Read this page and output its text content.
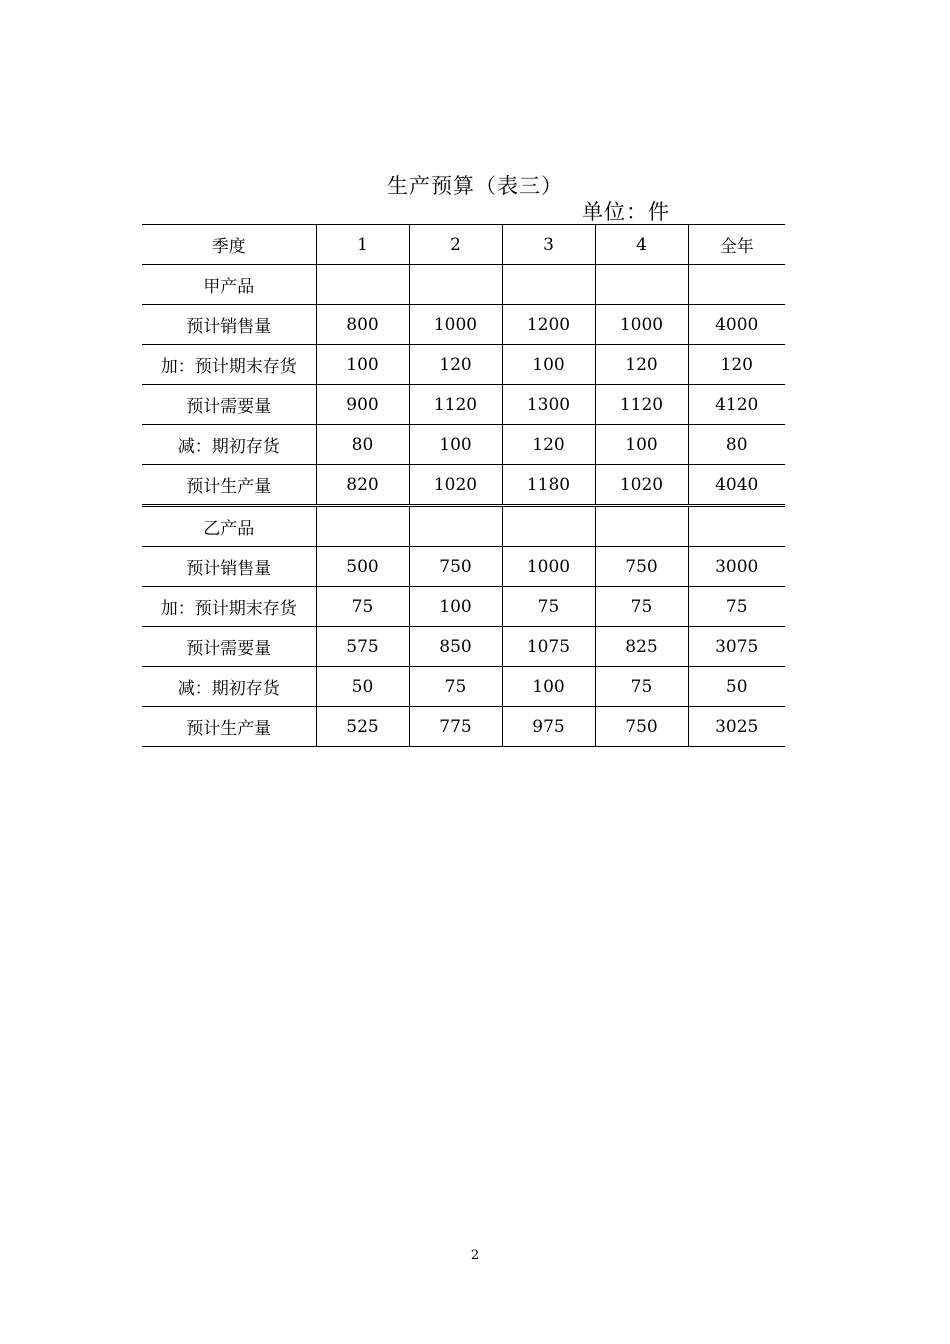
生产预算（表三）
单位：件
季度	1	2	3	4	全年
甲产品					
预计销售量	800	1000	1200	1000	4000
加：预计期末存货	100	120	100	120	120
预计需要量	900	1120	1300	1120	4120
减：期初存货	80	100	120	100	80
预计生产量	820	1020	1180	1020	4040
乙产品					
预计销售量	500	750	1000	750	3000
加：预计期末存货	75	100	75	75	75
预计需要量	575	850	1075	825	3075
减：期初存货	50	75	100	75	50
预计生产量	525	775	975	750	3025
2
